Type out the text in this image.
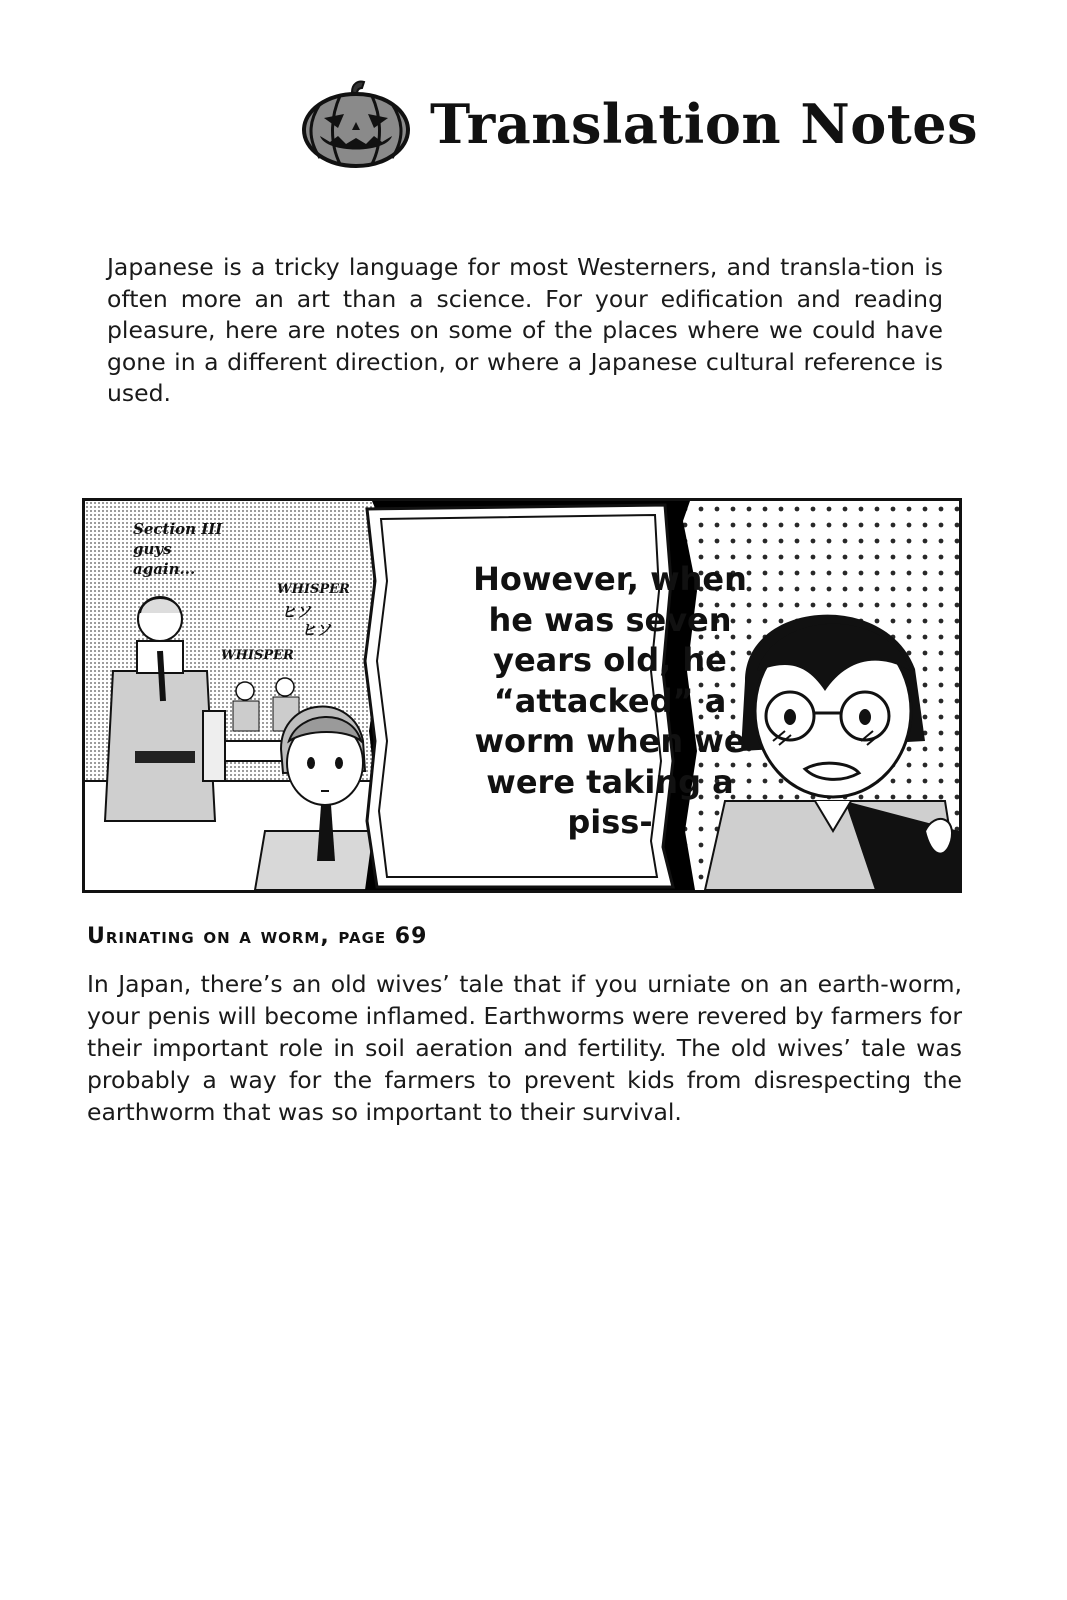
Translation Notes

Japanese is a tricky language for most Westerners, and transla-tion is often more an art than a science. For your edification and reading pleasure, here are notes on some of the places where we could have gone in a different direction, or where a Japanese cultural reference is used.

Section III guys again...
WHISPER
ヒソ
WHISPER
ヒソ

However, when he was seven years old, he “attacked” a worm when we were taking a piss-

Urinating on a worm, page 69

In Japan, there’s an old wives’ tale that if you urniate on an earth-worm, your penis will become inflamed. Earthworms were revered by farmers for their important role in soil aeration and fertility. The old wives’ tale was probably a way for the farmers to prevent kids from disrespecting the earthworm that was so important to their survival.
